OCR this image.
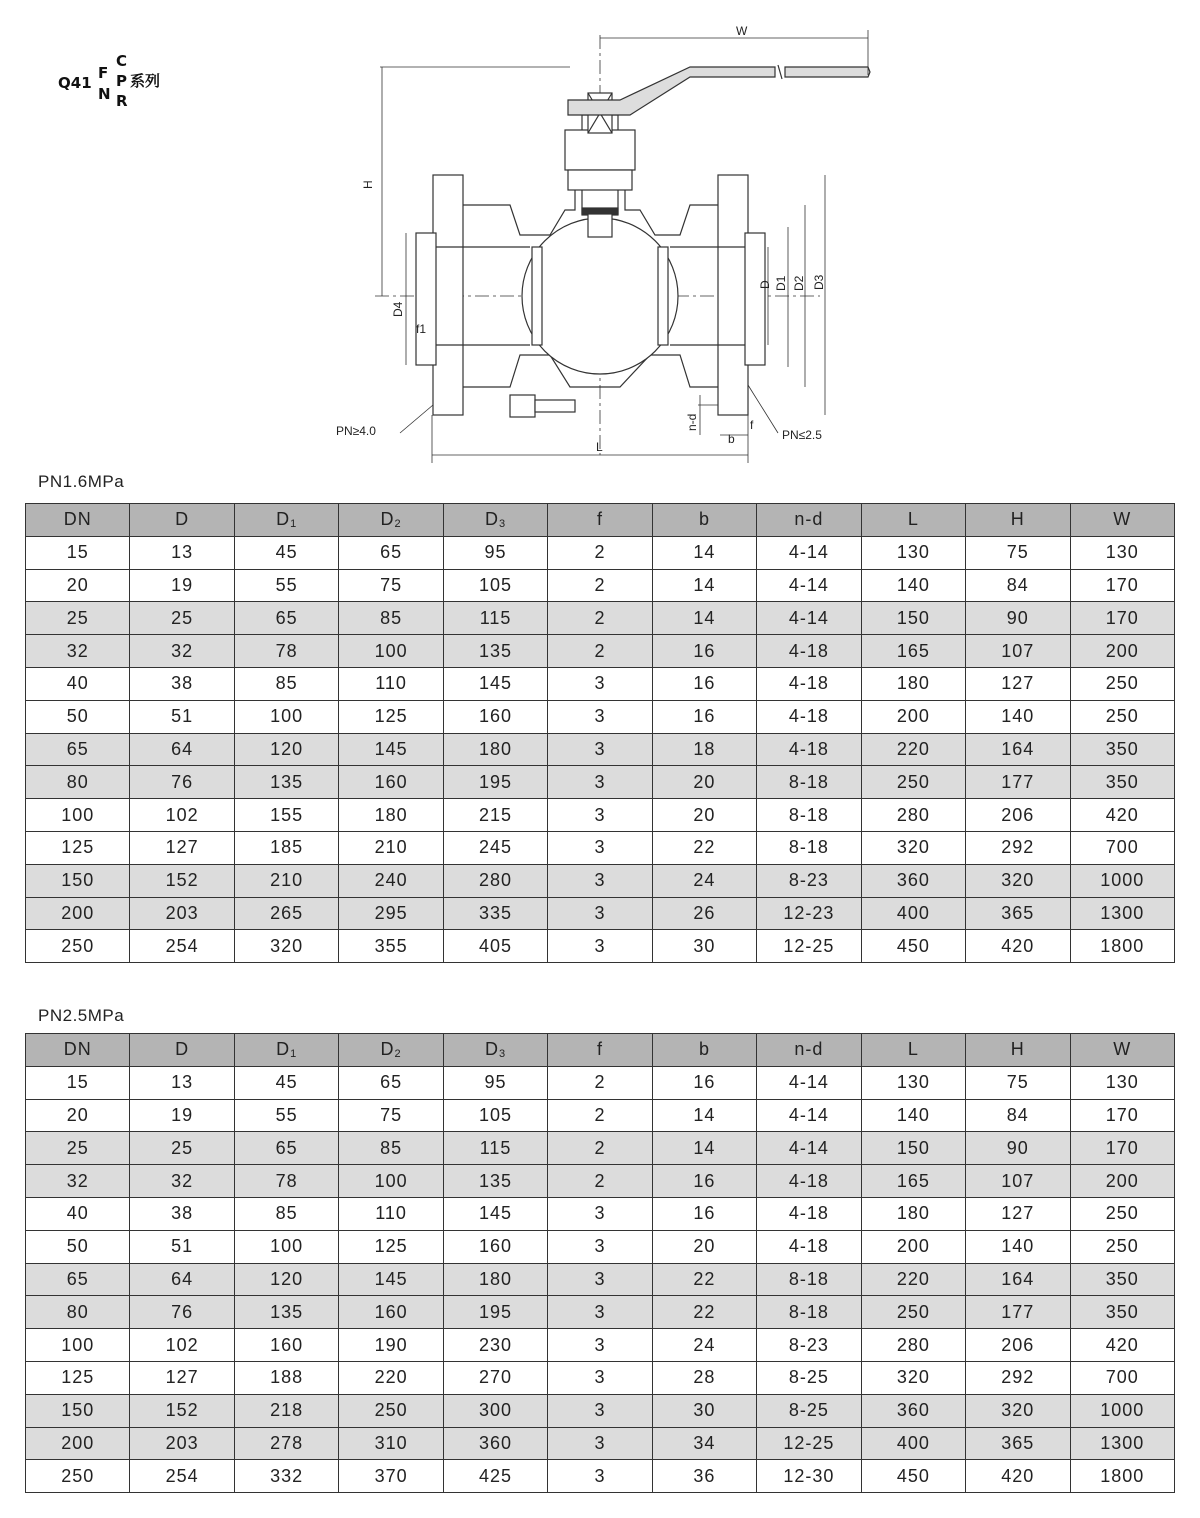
Q41
F
N
C
P
R
系列
W
H
D D1 D2 D3
D4
f1
n-d
b
f
L
PN≥4.0	PN≤2.5
PN1.6MPa
DN	D	$D_1$	$D_2$	$D_3$	f	b	n-d	L	H	W
15	13	45	65	95	2	14	4-14	130	75	130
20	19	55	75	105	2	14	4-14	140	84	170
25	25	65	85	115	2	14	4-14	150	90	170
32	32	78	100	135	2	16	4-18	165	107	200
40	38	85	110	145	3	16	4-18	180	127	250
50	51	100	125	160	3	16	4-18	200	140	250
65	64	120	145	180	3	18	4-18	220	164	350
80	76	135	160	195	3	20	8-18	250	177	350
100	102	155	180	215	3	20	8-18	280	206	420
125	127	185	210	245	3	22	8-18	320	292	700
150	152	210	240	280	3	24	8-23	360	320	1000
200	203	265	295	335	3	26	12-23	400	365	1300
250	254	320	355	405	3	30	12-25	450	420	1800
PN2.5MPa
DN	D	$D_1$	$D_2$	$D_3$	f	b	n-d	L	H	W
15	13	45	65	95	2	16	4-14	130	75	130
20	19	55	75	105	2	14	4-14	140	84	170
25	25	65	85	115	2	14	4-14	150	90	170
32	32	78	100	135	2	16	4-18	165	107	200
40	38	85	110	145	3	16	4-18	180	127	250
50	51	100	125	160	3	20	4-18	200	140	250
65	64	120	145	180	3	22	8-18	220	164	350
80	76	135	160	195	3	22	8-18	250	177	350
100	102	160	190	230	3	24	8-23	280	206	420
125	127	188	220	270	3	28	8-25	320	292	700
150	152	218	250	300	3	30	8-25	360	320	1000
200	203	278	310	360	3	34	12-25	400	365	1300
250	254	332	370	425	3	36	12-30	450	420	1800
